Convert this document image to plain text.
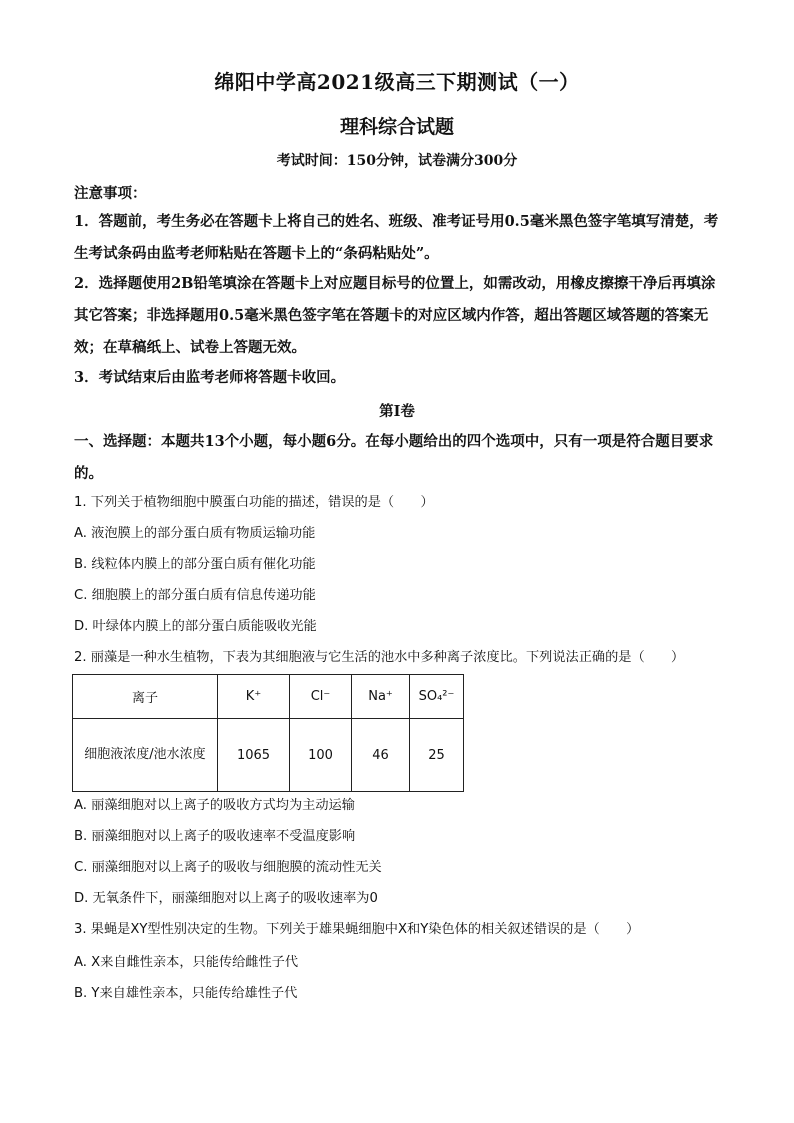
绵阳中学高2021级高三下期测试（一）
理科综合试题
考试时间：150分钟，试卷满分300分
注意事项：
1．答题前，考生务必在答题卡上将自己的姓名、班级、准考证号用0.5毫米黑色签字笔填写清楚，考生考试条码由监考老师粘贴在答题卡上的“条码粘贴处”。
2．选择题使用2B铅笔填涂在答题卡上对应题目标号的位置上，如需改动，用橡皮擦擦干净后再填涂其它答案；非选择题用0.5毫米黑色签字笔在答题卡的对应区域内作答，超出答题区域答题的答案无效；在草稿纸上、试卷上答题无效。
3．考试结束后由监考老师将答题卡收回。
第I卷
一、选择题：本题共13个小题，每小题6分。在每小题给出的四个选项中，只有一项是符合题目要求的。
1. 下列关于植物细胞中膜蛋白功能的描述，错误的是（　　）
A. 液泡膜上的部分蛋白质有物质运输功能
B. 线粒体内膜上的部分蛋白质有催化功能
C. 细胞膜上的部分蛋白质有信息传递功能
D. 叶绿体内膜上的部分蛋白质能吸收光能
2. 丽藻是一种水生植物，下表为其细胞液与它生活的池水中多种离子浓度比。下列说法正确的是（　　）
离子	K⁺	Cl⁻	Na⁺	SO₄²⁻
细胞液浓度/池水浓度	1065	100	46	25
A. 丽藻细胞对以上离子的吸收方式均为主动运输
B. 丽藻细胞对以上离子的吸收速率不受温度影响
C. 丽藻细胞对以上离子的吸收与细胞膜的流动性无关
D. 无氧条件下，丽藻细胞对以上离子的吸收速率为0
3. 果蝇是XY型性别决定的生物。下列关于雄果蝇细胞中X和Y染色体的相关叙述错误的是（　　）
A. X来自雌性亲本，只能传给雌性子代
B. Y来自雄性亲本，只能传给雄性子代
